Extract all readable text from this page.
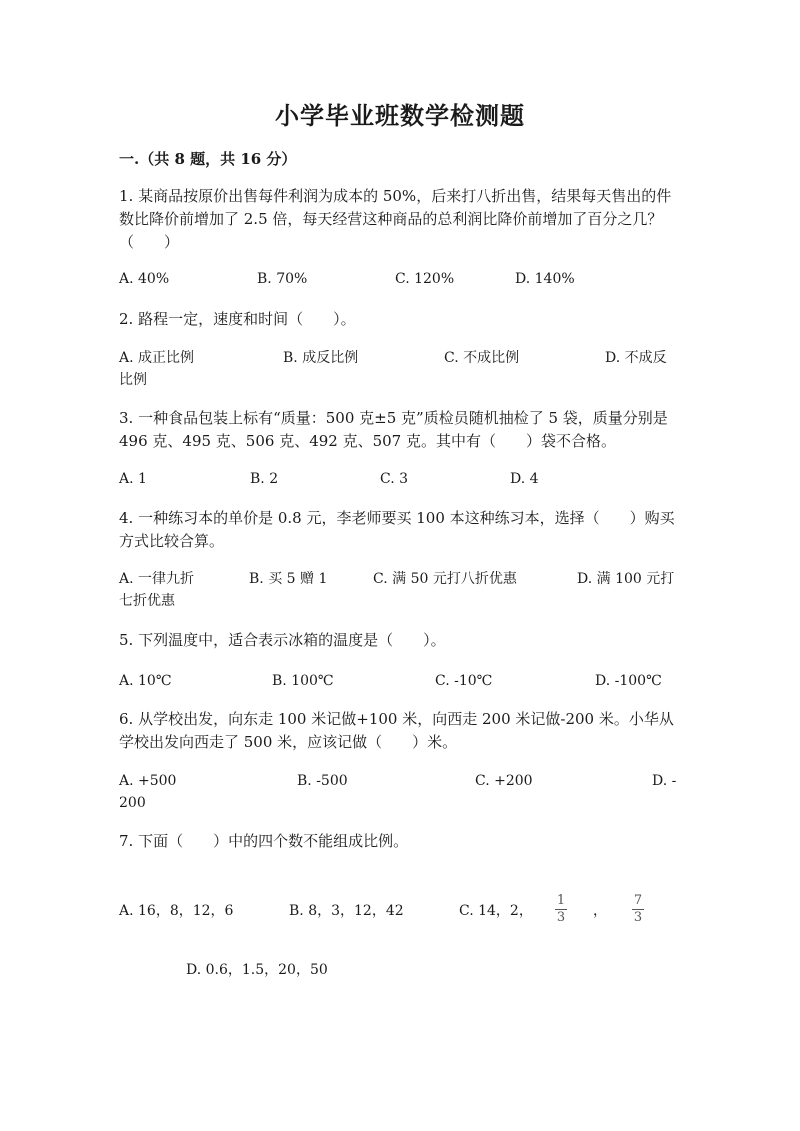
小学毕业班数学检测题
一.（共 8 题，共 16 分）
1. 某商品按原价出售每件利润为成本的 50%，后来打八折出售，结果每天售出的件数比降价前增加了 2.5 倍，每天经营这种商品的总利润比降价前增加了百分之几？（　　）
A. 40%	B. 70%	C. 120%	D. 140%
2. 路程一定，速度和时间（　　）。
A. 成正比例	B. 成反比例	C. 不成比例	D. 不成反
比例
3. 一种食品包装上标有“质量：500 克±5 克”质检员随机抽检了 5 袋，质量分别是 496 克、495 克、506 克、492 克、507 克。其中有（　　）袋不合格。
A. 1	B. 2	C. 3	D. 4
4. 一种练习本的单价是 0.8 元，李老师要买 100 本这种练习本，选择（　　）购买方式比较合算。
A. 一律九折	B. 买 5 赠 1	C. 满 50 元打八折优惠	D. 满 100 元打
七折优惠
5. 下列温度中，适合表示冰箱的温度是（　　）。
A. 10℃	B. 100℃	C. -10℃	D. -100℃
6. 从学校出发，向东走 100 米记做+100 米，向西走 200 米记做-200 米。小华从学校出发向西走了 500 米，应该记做（　　）米。
A. +500	B. -500	C. +200	D. -
200
7. 下面（　　）中的四个数不能组成比例。
A. 16，8，12，6	B. 8，3，12，42	C. 14，2，
1
3 ，
7
3
D. 0.6，1.5，20，50
